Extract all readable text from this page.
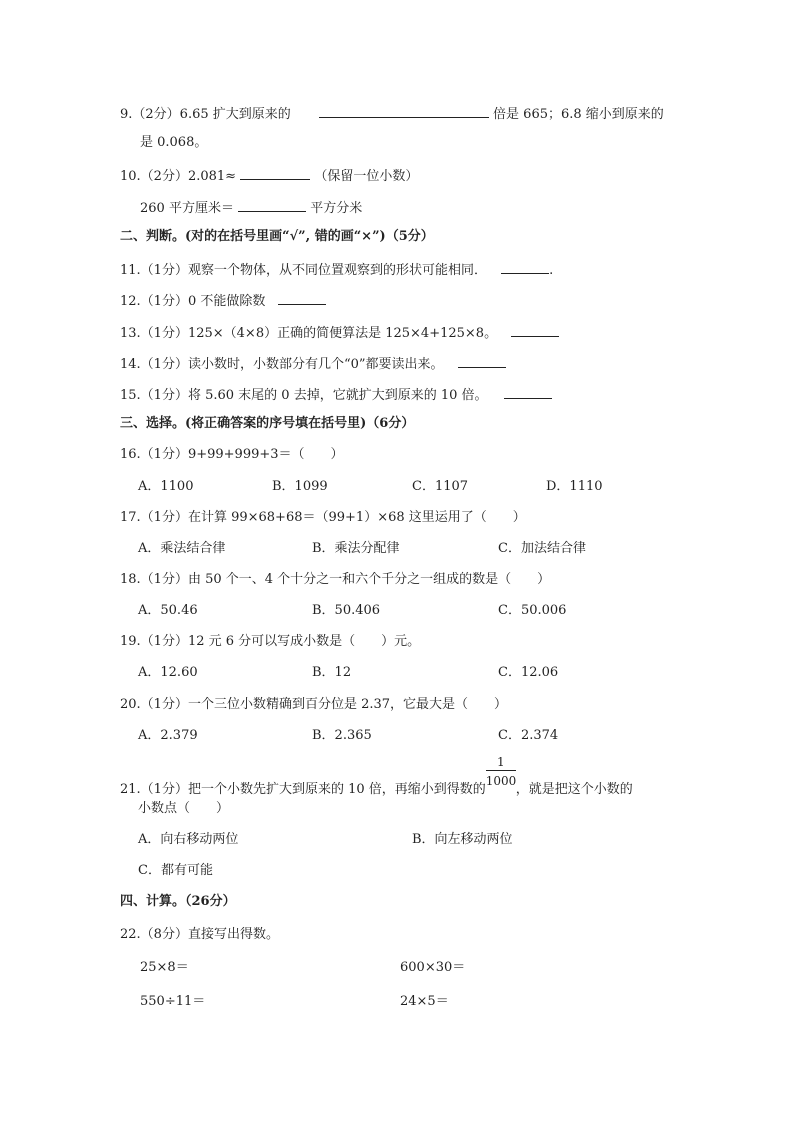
9.（2分）6.65 扩大到原来的	倍是 665；6.8 缩小到原来的
是 0.068。
10.（2分）2.081≈	（保留一位小数）
260 平方厘米＝	平方分米
二、判断。(对的在括号里画“√”, 错的画“×”)（5分）
11.（1分）观察一个物体，从不同位置观察到的形状可能相同．	.
12.（1分）0 不能做除数
13.（1分）125×（4×8）正确的简便算法是 125×4+125×8。
14.（1分）读小数时，小数部分有几个“0”都要读出来。
15.（1分）将 5.60 末尾的 0 去掉，它就扩大到原来的 10 倍。
三、选择。(将正确答案的序号填在括号里)（6分）
16.（1分）9+99+999+3＝（　　）
A．1100	B．1099	C．1107	D．1110
17.（1分）在计算 99×68+68＝（99+1）×68 这里运用了（　　）
A．乘法结合律	B．乘法分配律	C．加法结合律
18.（1分）由 50 个一、4 个十分之一和六个千分之一组成的数是（　　）
A．50.46	B．50.406	C．50.006
19.（1分）12 元 6 分可以写成小数是（　　）元。
A．12.60	B．12	C．12.06
20.（1分）一个三位小数精确到百分位是 2.37，它最大是（　　）
A．2.379	B．2.365	C．2.374
21.（1分）把一个小数先扩大到原来的 10 倍，再缩小到得数的 $\frac{1}{1000}$ ，就是把这个小数的
小数点（　　）
A．向右移动两位	B．向左移动两位
C．都有可能
四、计算。（26分）
22.（8分）直接写出得数。
25×8＝	600×30＝
550÷11＝	24×5＝
